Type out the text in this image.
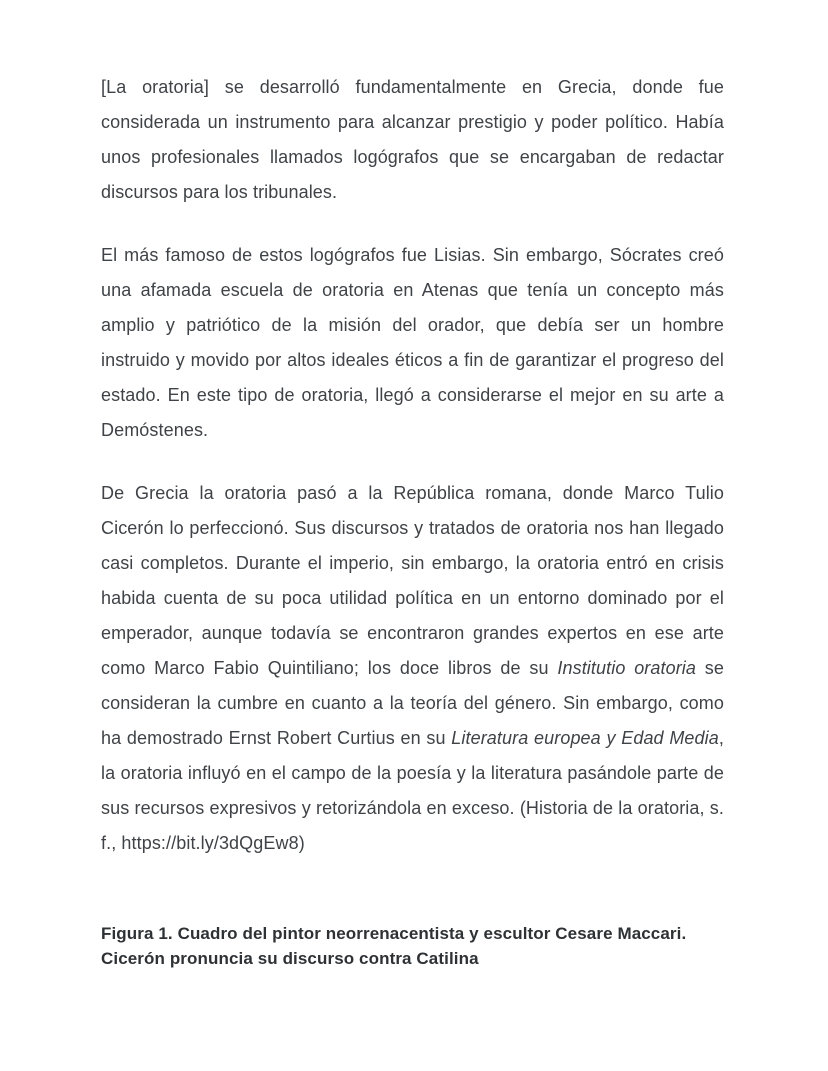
[La oratoria] se desarrolló fundamentalmente en Grecia, donde fue considerada un instrumento para alcanzar prestigio y poder político. Había unos profesionales llamados logógrafos que se encargaban de redactar discursos para los tribunales.

El más famoso de estos logógrafos fue Lisias. Sin embargo, Sócrates creó una afamada escuela de oratoria en Atenas que tenía un concepto más amplio y patriótico de la misión del orador, que debía ser un hombre instruido y movido por altos ideales éticos a fin de garantizar el progreso del estado. En este tipo de oratoria, llegó a considerarse el mejor en su arte a Demóstenes.

De Grecia la oratoria pasó a la República romana, donde Marco Tulio Cicerón lo perfeccionó. Sus discursos y tratados de oratoria nos han llegado casi completos. Durante el imperio, sin embargo, la oratoria entró en crisis habida cuenta de su poca utilidad política en un entorno dominado por el emperador, aunque todavía se encontraron grandes expertos en ese arte como Marco Fabio Quintiliano; los doce libros de su Institutio oratoria se consideran la cumbre en cuanto a la teoría del género. Sin embargo, como ha demostrado Ernst Robert Curtius en su Literatura europea y Edad Media, la oratoria influyó en el campo de la poesía y la literatura pasándole parte de sus recursos expresivos y retorizándola en exceso. (Historia de la oratoria, s. f., https://bit.ly/3dQgEw8)

Figura 1. Cuadro del pintor neorrenacentista y escultor Cesare Maccari.
Cicerón pronuncia su discurso contra Catilina
